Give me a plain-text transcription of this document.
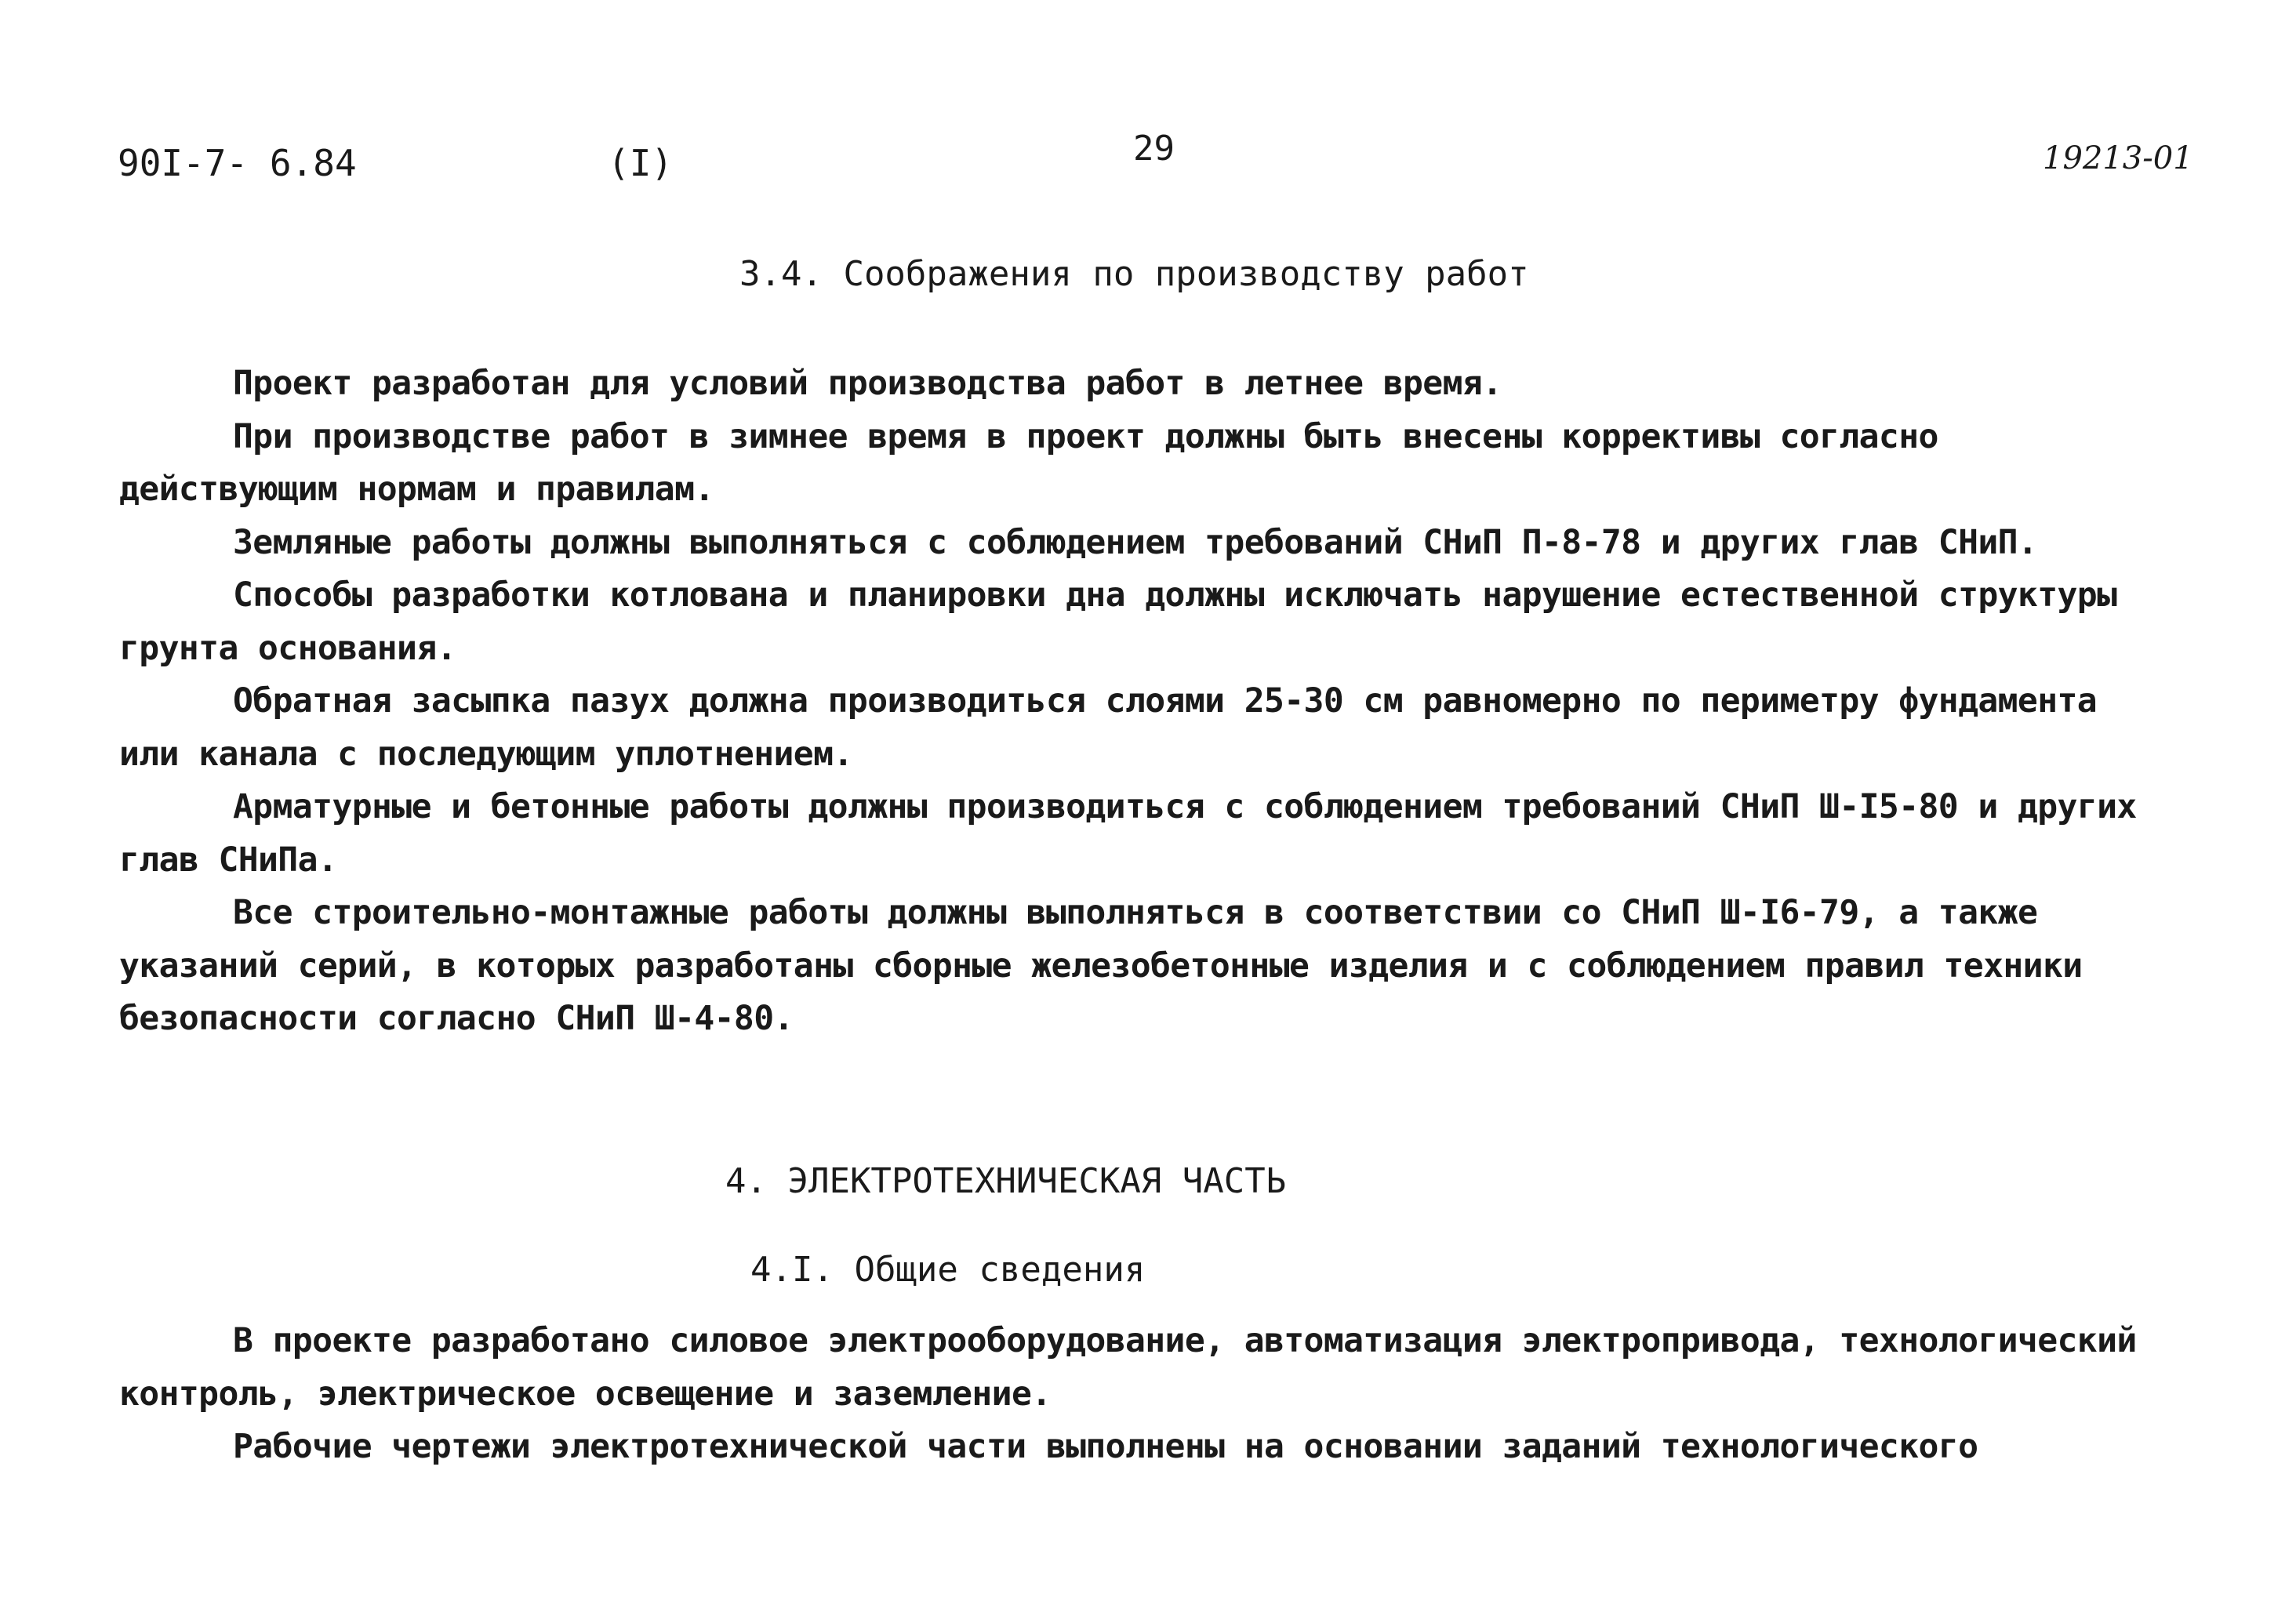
90I-7- 6.84	(I)	29	19213-01
3.4. Соображения по производству работ

Проект разработан для условий производства работ в летнее время.

При производстве работ в зимнее время в проект должны быть внесены коррективы согласно действующим нормам и правилам.

Земляные работы должны выполняться с соблюдением требований СНиП П-8-78 и других глав СНиП.

Способы разработки котлована и планировки дна должны исключать нарушение естественной структуры грунта основания.

Обратная засыпка пазух должна производиться слоями 25-30 см равномерно по периметру фундамента или канала с последующим уплотнением.

Арматурные и бетонные работы должны производиться с соблюдением требований СНиП Ш-I5-80 и других глав СНиПа.

Все строительно-монтажные работы должны выполняться в соответствии со СНиП Ш-I6-79, а также указаний серий, в которых разработаны сборные железобетонные изделия и с соблюдением правил техники безопасности согласно СНиП Ш-4-80.

4. ЭЛЕКТРОТЕХНИЧЕСКАЯ ЧАСТЬ
4.I. Общие сведения

В проекте разработано силовое электрооборудование, автоматизация электропривода, технологический контроль, электрическое освещение и заземление.

Рабочие чертежи электротехнической части выполнены на основании заданий технологического
